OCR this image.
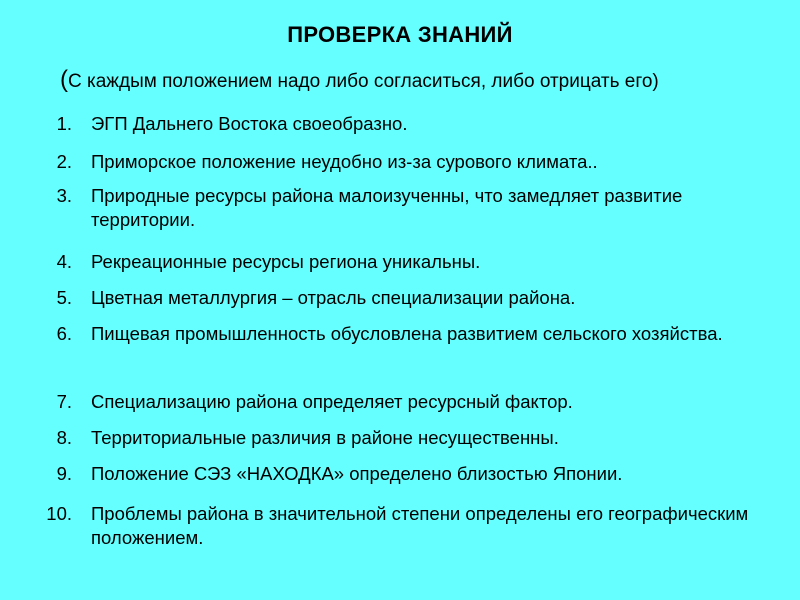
ПРОВЕРКА ЗНАНИЙ
(С каждым положением надо либо согласиться, либо отрицать его)
1. ЭГП Дальнего Востока своеобразно.
2. Приморское положение неудобно из-за сурового климата..
3. Природные ресурсы района малоизученны, что замедляет развитие территории.
4. Рекреационные ресурсы региона уникальны.
5. Цветная металлургия – отрасль специализации района.
6. Пищевая промышленность обусловлена развитием сельского хозяйства.
7. Специализацию района определяет ресурсный фактор.
8. Территориальные различия в районе несущественны.
9. Положение СЭЗ «НАХОДКА» определено близостью Японии.
10. Проблемы района в значительной степени определены его географическим положением.
